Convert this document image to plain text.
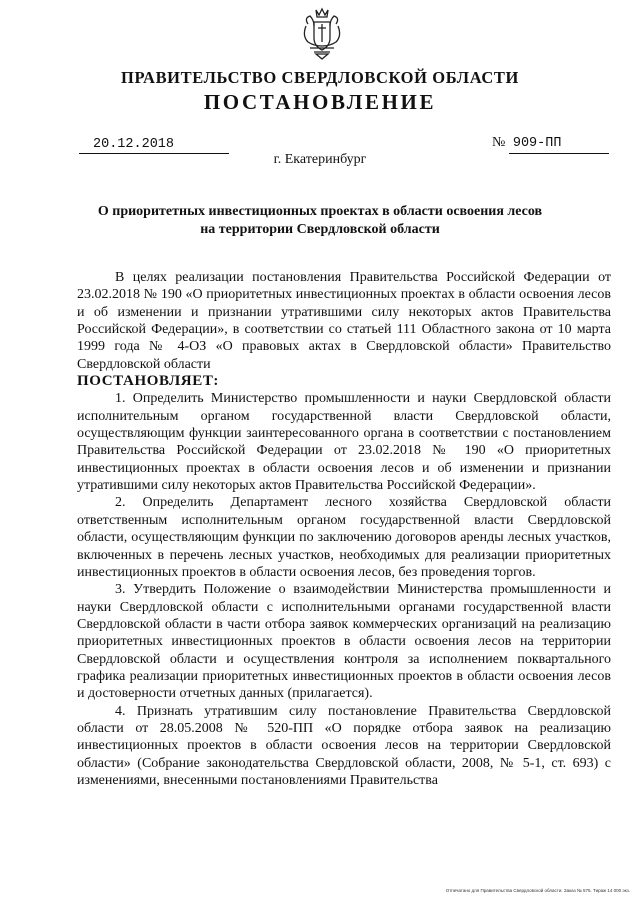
ПРАВИТЕЛЬСТВО СВЕРДЛОВСКОЙ ОБЛАСТИ
ПОСТАНОВЛЕНИЕ
20.12.2018	№ 909-ПП
г. Екатеринбург
О приоритетных инвестиционных проектах в области освоения лесов
на территории Свердловской области

В целях реализации постановления Правительства Российской Федерации от 23.02.2018 № 190 «О приоритетных инвестиционных проектах в области освоения лесов и об изменении и признании утратившими силу некоторых актов Правительства Российской Федерации», в соответствии со статьей 111 Областного закона от 10 марта 1999 года № 4-ОЗ «О правовых актах в Свердловской области» Правительство Свердловской области

ПОСТАНОВЛЯЕТ:

1. Определить Министерство промышленности и науки Свердловской области исполнительным органом государственной власти Свердловской области, осуществляющим функции заинтересованного органа в соответствии с постановлением Правительства Российской Федерации от 23.02.2018 № 190 «О приоритетных инвестиционных проектах в области освоения лесов и об изменении и признании утратившими силу некоторых актов Правительства Российской Федерации».

2. Определить Департамент лесного хозяйства Свердловской области ответственным исполнительным органом государственной власти Свердловской области, осуществляющим функции по заключению договоров аренды лесных участков, включенных в перечень лесных участков, необходимых для реализации приоритетных инвестиционных проектов в области освоения лесов, без проведения торгов.

3. Утвердить Положение о взаимодействии Министерства промышленности и науки Свердловской области с исполнительными органами государственной власти Свердловской области в части отбора заявок коммерческих организаций на реализацию приоритетных инвестиционных проектов в области освоения лесов на территории Свердловской области и осуществления контроля за исполнением поквартального графика реализации приоритетных инвестиционных проектов в области освоения лесов и достоверности отчетных данных (прилагается).

4. Признать утратившим силу постановление Правительства Свердловской области от 28.05.2008 № 520-ПП «О порядке отбора заявок на реализацию инвестиционных проектов в области освоения лесов на территории Свердловской области» (Собрание законодательства Свердловской области, 2008, № 5-1, ст. 693) с изменениями, внесенными постановлениями Правительства

Отпечатано для Правительства Свердловской области. Заказ № 575. Тираж 14 000 экз.
